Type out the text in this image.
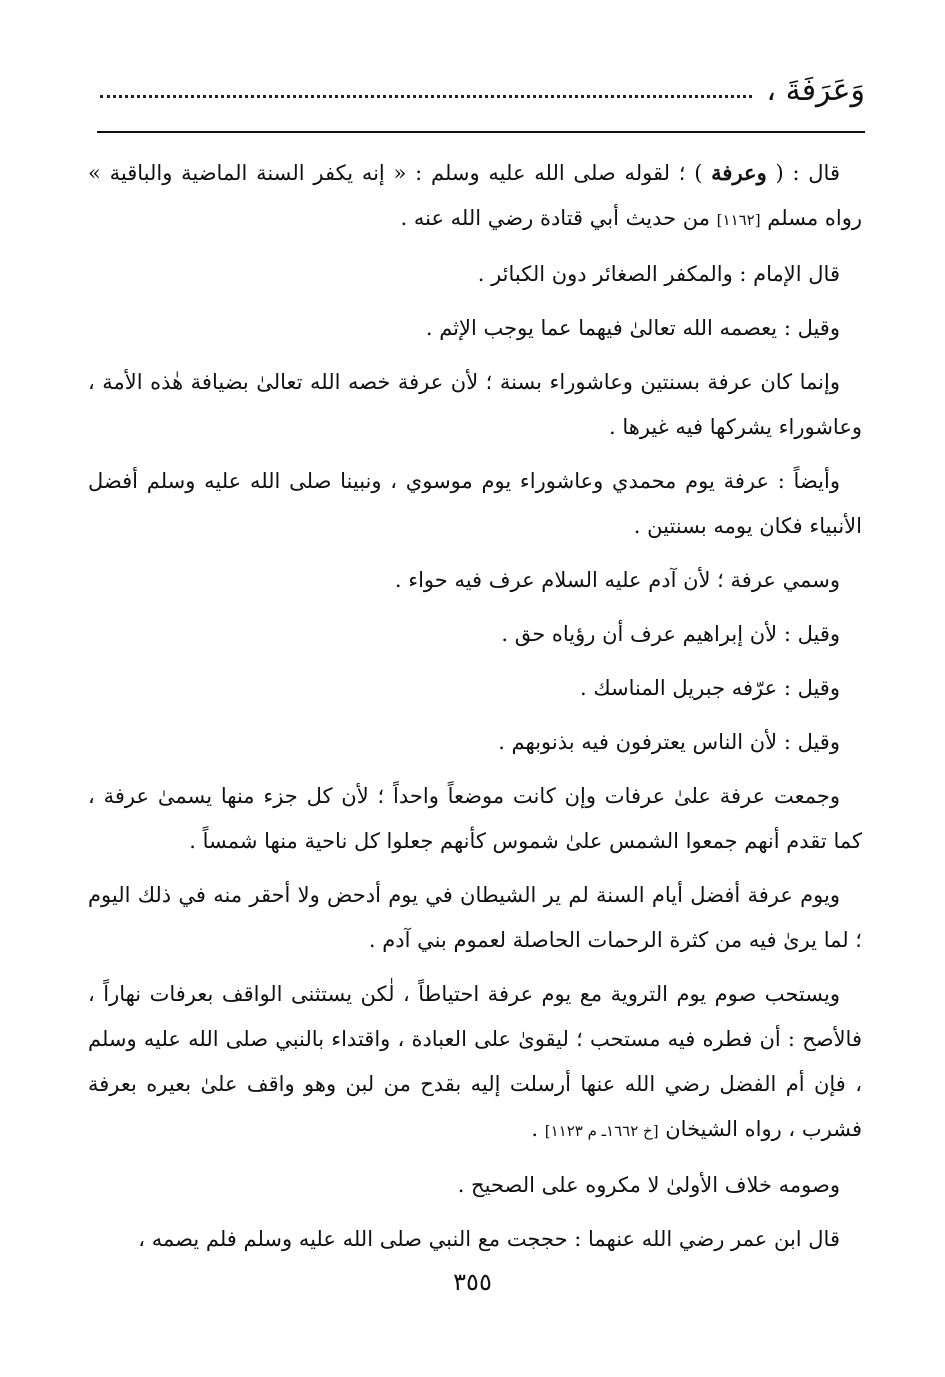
وَعَرَفَةَ ،

قال : ( وعرفة ) ؛ لقوله صلى الله عليه وسلم : « إنه يكفر السنة الماضية والباقية » رواه مسلم [١١٦٢] من حديث أبي قتادة رضي الله عنه .

قال الإمام : والمكفر الصغائر دون الكبائر .

وقيل : يعصمه الله تعالىٰ فيهما عما يوجب الإثم .

وإنما كان عرفة بسنتين وعاشوراء بسنة ؛ لأن عرفة خصه الله تعالىٰ بضيافة هٰذه الأمة ، وعاشوراء يشركها فيه غيرها .

وأيضاً : عرفة يوم محمدي وعاشوراء يوم موسوي ، ونبينا صلى الله عليه وسلم أفضل الأنبياء فكان يومه بسنتين .

وسمي عرفة ؛ لأن آدم عليه السلام عرف فيه حواء .

وقيل : لأن إبراهيم عرف أن رؤياه حق .

وقيل : عرّفه جبريل المناسك .

وقيل : لأن الناس يعترفون فيه بذنوبهم .

وجمعت عرفة علىٰ عرفات وإن كانت موضعاً واحداً ؛ لأن كل جزء منها يسمىٰ عرفة ، كما تقدم أنهم جمعوا الشمس علىٰ شموس كأنهم جعلوا كل ناحية منها شمساً .

ويوم عرفة أفضل أيام السنة لم ير الشيطان في يوم أدحض ولا أحقر منه في ذلك اليوم ؛ لما يرىٰ فيه من كثرة الرحمات الحاصلة لعموم بني آدم .

ويستحب صوم يوم التروية مع يوم عرفة احتياطاً ، لٰكن يستثنى الواقف بعرفات نهاراً ، فالأصح : أن فطره فيه مستحب ؛ ليقوىٰ على العبادة ، واقتداء بالنبي صلى الله عليه وسلم ، فإن أم الفضل رضي الله عنها أرسلت إليه بقدح من لبن وهو واقف علىٰ بعيره بعرفة فشرب ، رواه الشيخان [خ ١٦٦٢ـ م ١١٢٣] .

وصومه خلاف الأولىٰ لا مكروه على الصحيح .

قال ابن عمر رضي الله عنهما : حججت مع النبي صلى الله عليه وسلم فلم يصمه ،

٣٥٥
